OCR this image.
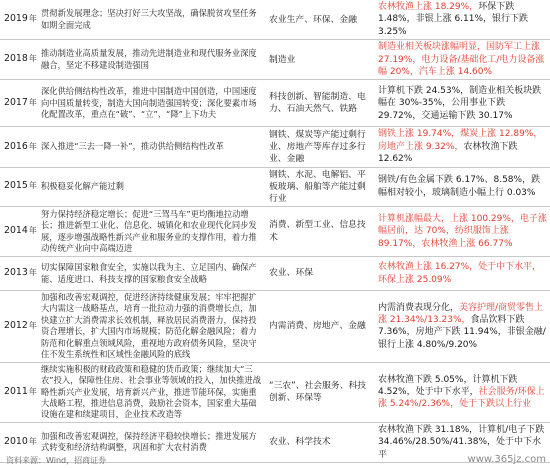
2019年	贯彻新发展理念；坚决打好三大攻坚战，确保脱贫攻坚任务如期全面完成	农业生产、环保、金融	农林牧渔上涨 18.29%，环保下跌 1.48%，非银上涨 6.11%，银行下跌 3.25%
2018年	推动制造业高质量发展，推动先进制造业和现代服务业深度融合，坚定不移建设制造强国	制造业	制造业相关板块涨幅明显，国防军工上涨 27.19%，电力设备/基础化工/电力设备涨幅 20%，汽车上涨 14.60%
2017年	深化供给侧结构性改革，推进中国制造中国创造，中国速度向中国质量转变，制造大国向制造强国转变；深化要素市场化配置改革，重点在“破”、“立”、“降”上下功夫	科技创新、智能制造、电力、石油天然气、铁路	计算机下跌 24.53%，制造业相关板块跌幅在 30%-35%，公用事业下跌 29.72%，交通运输下跌 30.17%
2016年	深入推进“三去一降一补”，推动供给侧结构性改革	钢铁、煤炭等产能过剩行业、房地产等库存过多行业、金融	钢铁上涨 19.74%，煤炭上涨 12.89%，房地产上涨 9.32%，农林牧渔下跌 12.62%
2015年	积极稳妥化解产能过剩	钢铁、水泥、电解铝、平板玻璃、船舶等产能过剩行业	钢铁/有色金属下跌 6.17%、8.58%，跌幅相对较小，玻璃制造小幅上行 0.03%
2014年	努力保持经济稳定增长；促进“三驾马车”更均衡地拉动增长；推进新型工业化、信息化、城镇化和农业现代化同步发展，逐步增强战略性新兴产业和服务业的支撑作用，着力推动传统产业向中高端迈进	消费、新型工业、信息技术	计算机涨幅最大，上涨 100.29%，电子涨幅居前，达 70%，纺织服饰上涨 89.17%，农林牧渔上涨 66.77%
2013年	切实保障国家粮食安全，实施以我为主、立足国内、确保产能、适度进口、科技支撑的国家粮食安全战略	农业、环保	农林牧渔上涨 16.27%，处于中下水平，环保上涨 25.09%
2012年	加强和改善宏观调控，促进经济持续健康发展；牢牢把握扩大内需这一战略基点，培育一批拉动力强的消费增长点，加快建立扩大消费需求长效机制，释放居民消费潜力，保持投资合理增长，扩大国内市场规模；防范化解金融风险；着力防范和化解重点领域风险，重视地方政府债务风险，坚决守住不发生系统性和区域性金融风险的底线	内需消费、房地产、金融	内需消费表现分化，美容护理/商贸零售上涨 21.34%/13.23%，食品饮料下跌 7.36%，房地产下跌 11.94%，非银金融/银行上涨 4.80%/9.20%
2011年	继续实施积极的财政政策和稳健的货币政策；继续加大“三农”投入，保障性住房、社会事业等领域的投入，加快推进战略性新兴产业发展，培育新兴产业，推进节能环保，实施重大战略工程，推进信息消费，鼓励社会资本，国家重大基础设施在建和续建项目，企业技术改造等	“三农”、社会服务、科技创新、环保等	农林牧渔下跌 5.05%，计算机下跌 4.52%，处于中下水平，社会服务/环保上涨 5.24%/2.36%，处于下跌以上行业
2010年	加强和改善宏观调控，保持经济平稳较快增长；推进发展方式转变和经济结构调整，巩固和扩大农村消费	农业、科学技术	农林牧渔下跌 31.18%，计算机/电子下跌 34.46%/28.50%/41.38%，处于中下水平
资料来源：Wind，招商证券	www.365jz.com
